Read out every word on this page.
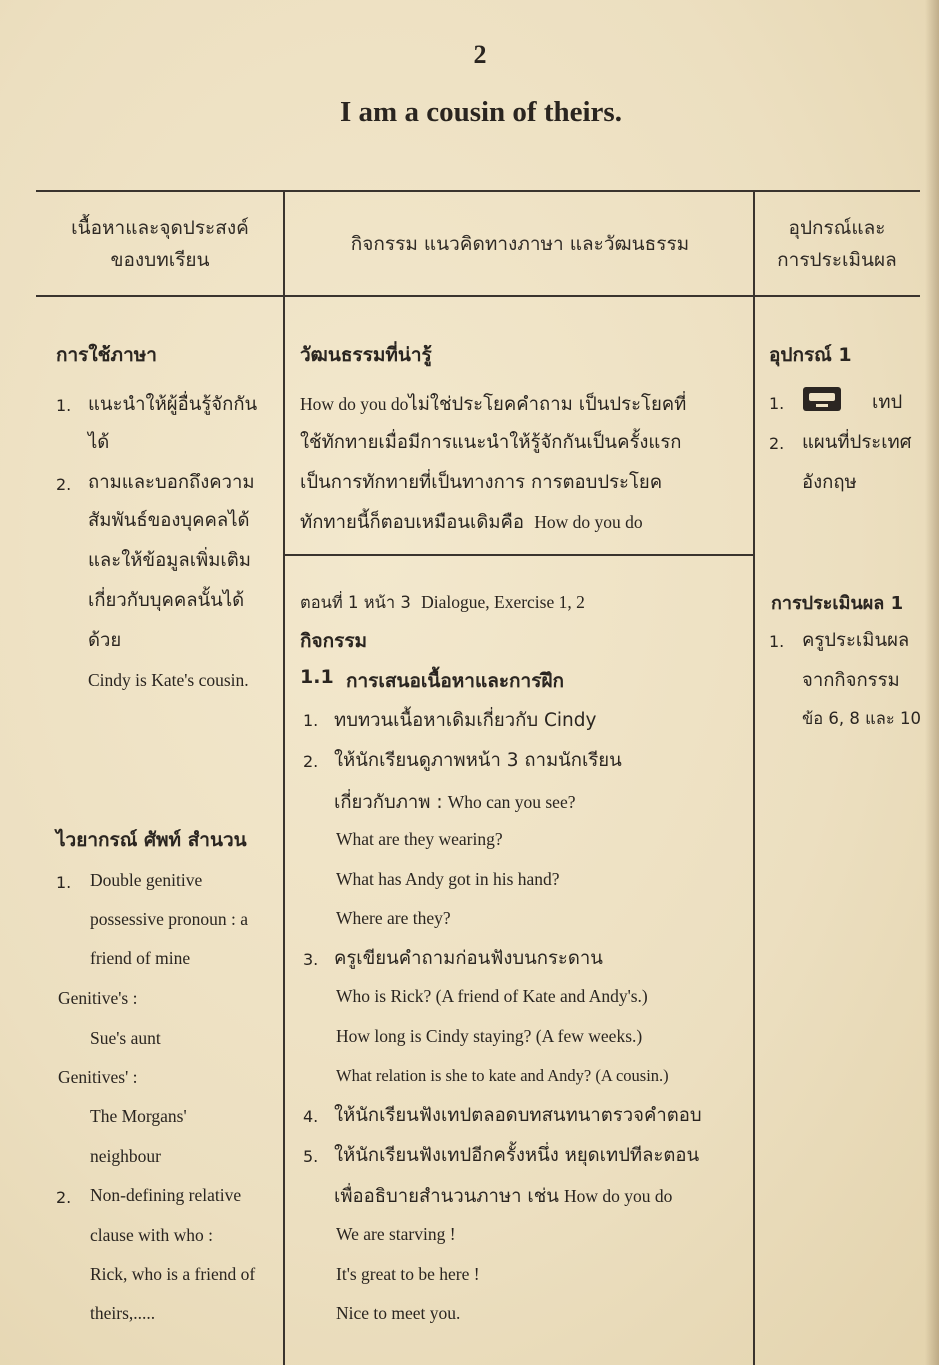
2
I am a cousin of theirs.
เนื้อหาและจุดประสงค์
ของบทเรียน
กิจกรรม แนวคิดทางภาษา และวัฒนธรรม
อุปกรณ์และ
การประเมินผล
การใช้ภาษา
1. แนะนำให้ผู้อื่นรู้จักกัน
ได้
2. ถามและบอกถึงความ
สัมพันธ์ของบุคคลได้
และให้ข้อมูลเพิ่มเติม
เกี่ยวกับบุคคลนั้นได้
ด้วย
Cindy is Kate's cousin.
ไวยากรณ์ ศัพท์ สำนวน
1. Double genitive
possessive pronoun : a
friend of mine
Genitive's :
Sue's aunt
Genitives' :
The Morgans'
neighbour
2. Non-defining relative
clause with who :
Rick, who is a friend of
theirs,.....
วัฒนธรรมที่น่ารู้
How do you doไม่ใช่ประโยคคำถาม เป็นประโยคที่
ใช้ทักทายเมื่อมีการแนะนำให้รู้จักกันเป็นครั้งแรก
เป็นการทักทายที่เป็นทางการ การตอบประโยค
ทักทายนี้ก็ตอบเหมือนเดิมคือ How do you do
ตอนที่ 1 หน้า 3 Dialogue, Exercise 1, 2
กิจกรรม
1.1 การเสนอเนื้อหาและการฝึก
1. ทบทวนเนื้อหาเดิมเกี่ยวกับ Cindy
2. ให้นักเรียนดูภาพหน้า 3 ถามนักเรียน
เกี่ยวกับภาพ : Who can you see?
What are they wearing?
What has Andy got in his hand?
Where are they?
3. ครูเขียนคำถามก่อนฟังบนกระดาน
Who is Rick? (A friend of Kate and Andy's.)
How long is Cindy staying? (A few weeks.)
What relation is she to kate and Andy? (A cousin.)
4. ให้นักเรียนฟังเทปตลอดบทสนทนาตรวจคำตอบ
5. ให้นักเรียนฟังเทปอีกครั้งหนึ่ง หยุดเทปทีละตอน
เพื่ออธิบายสำนวนภาษา เช่น How do you do
We are starving !
It's great to be here !
Nice to meet you.
อุปกรณ์ 1
1.	เทป
2. แผนที่ประเทศ
อังกฤษ
การประเมินผล 1
1. ครูประเมินผล
จากกิจกรรม
ข้อ 6, 8 และ 10
